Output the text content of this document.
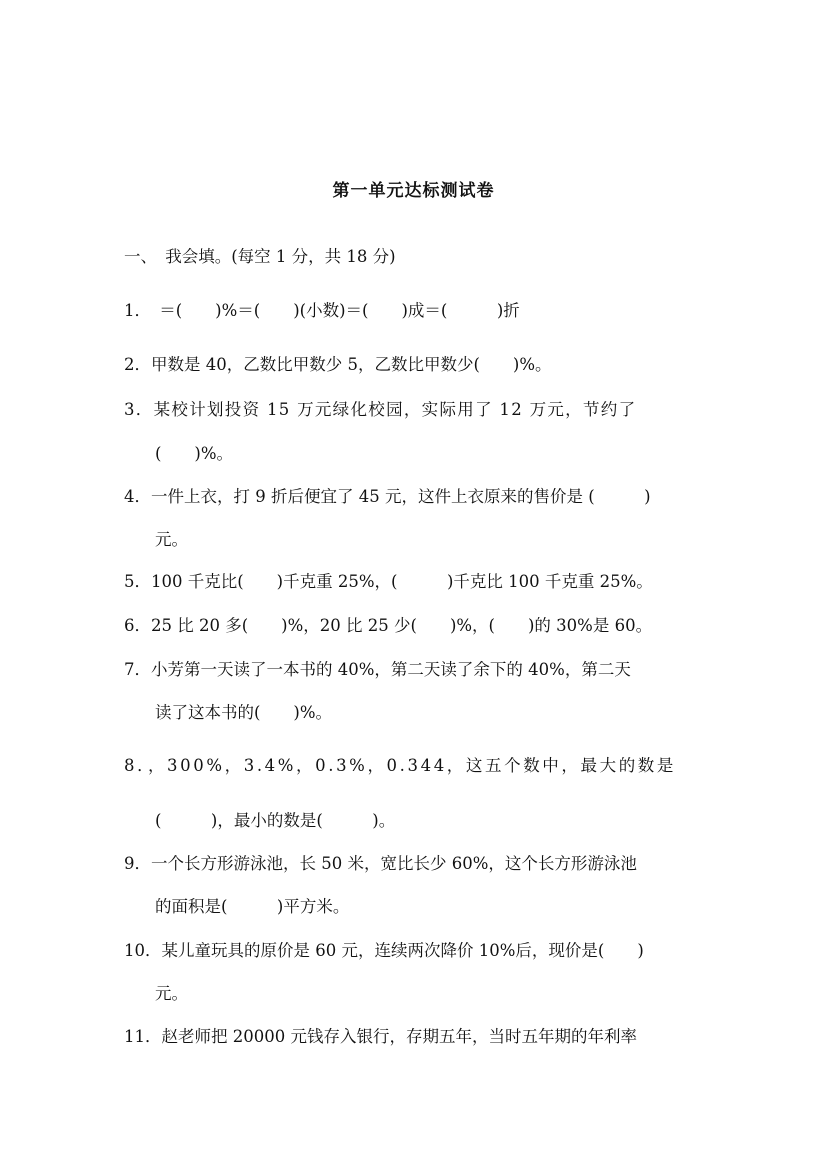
第一单元达标测试卷
一、　我会填。(每空 1 分，共 18 分)
1．　＝(　　)%＝(　　)(小数)＝(　　)成＝(　　　)折
2．甲数是 40，乙数比甲数少 5，乙数比甲数少(　　)%。
3．某校计划投资 15 万元绿化校园，实际用了 12 万元，节约了
(　　)%。
4．一件上衣，打 9 折后便宜了 45 元，这件上衣原来的售价是 (　　　)
元。
5．100 千克比(　　)千克重 25%，(　　　)千克比 100 千克重 25%。
6．25 比 20 多(　　)%，20 比 25 少(　　)%，(　　)的 30%是 60。
7．小芳第一天读了一本书的 40%，第二天读了余下的 40%，第二天
读了这本书的(　　)%。
8．，300%，3.4%，0.3%，0.344，这五个数中，最大的数是
(　　　)，最小的数是(　　　)。
9．一个长方形游泳池，长 50 米，宽比长少 60%，这个长方形游泳池
的面积是(　　　)平方米。
10．某儿童玩具的原价是 60 元，连续两次降价 10%后，现价是(　　)
元。
11．赵老师把 20000 元钱存入银行，存期五年，当时五年期的年利率
